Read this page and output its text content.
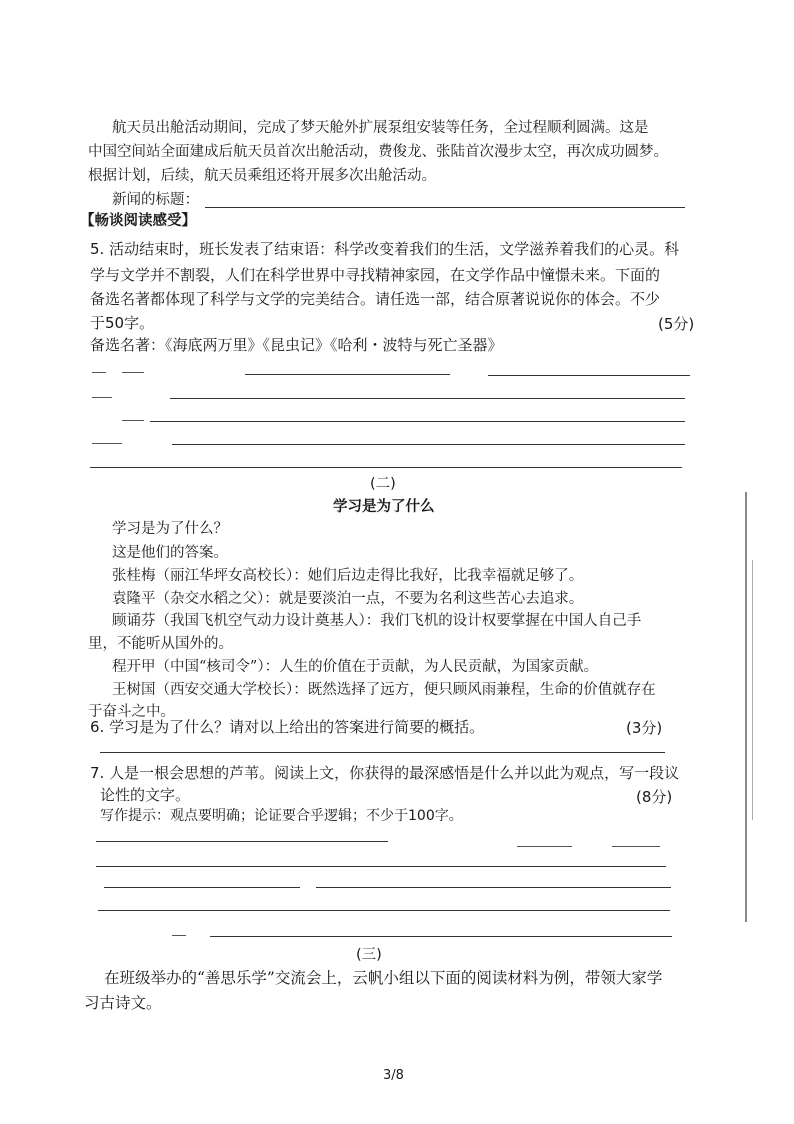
航天员出舱活动期间，完成了梦天舱外扩展泵组安装等任务，全过程顺利圆满。这是
中国空间站全面建成后航天员首次出舱活动，费俊龙、张陆首次漫步太空，再次成功圆梦。
根据计划，后续，航天员乘组还将开展多次出舱活动。
新闻的标题：
【畅谈阅读感受】
5. 活动结束时，班长发表了结束语：科学改变着我们的生活，文学滋养着我们的心灵。科
学与文学并不割裂，人们在科学世界中寻找精神家园，在文学作品中憧憬未来。下面的
备选名著都体现了科学与文学的完美结合。请任选一部，结合原著说说你的体会。不少
于50字。	(5分)
备选名著：《海底两万里》《昆虫记》《哈利・波特与死亡圣器》
(二)
学习是为了什么
学习是为了什么？
这是他们的答案。
张桂梅（丽江华坪女高校长）：她们后边走得比我好，比我幸福就足够了。
袁隆平（杂交水稻之父）：就是要淡泊一点，不要为名利这些苦心去追求。
顾诵芬（我国飞机空气动力设计奠基人）：我们飞机的设计权要掌握在中国人自己手
里，不能听从国外的。
程开甲（中国“核司令”）：人生的价值在于贡献，为人民贡献，为国家贡献。
王树国（西安交通大学校长）：既然选择了远方，便只顾风雨兼程，生命的价值就存在
于奋斗之中。
6. 学习是为了什么？请对以上给出的答案进行简要的概括。	(3分)
7. 人是一根会思想的芦苇。阅读上文，你获得的最深感悟是什么并以此为观点，写一段议
论性的文字。	(8分)
写作提示：观点要明确；论证要合乎逻辑；不少于100字。
(三)
在班级举办的“善思乐学”交流会上，云帆小组以下面的阅读材料为例，带领大家学
习古诗文。
3/8
